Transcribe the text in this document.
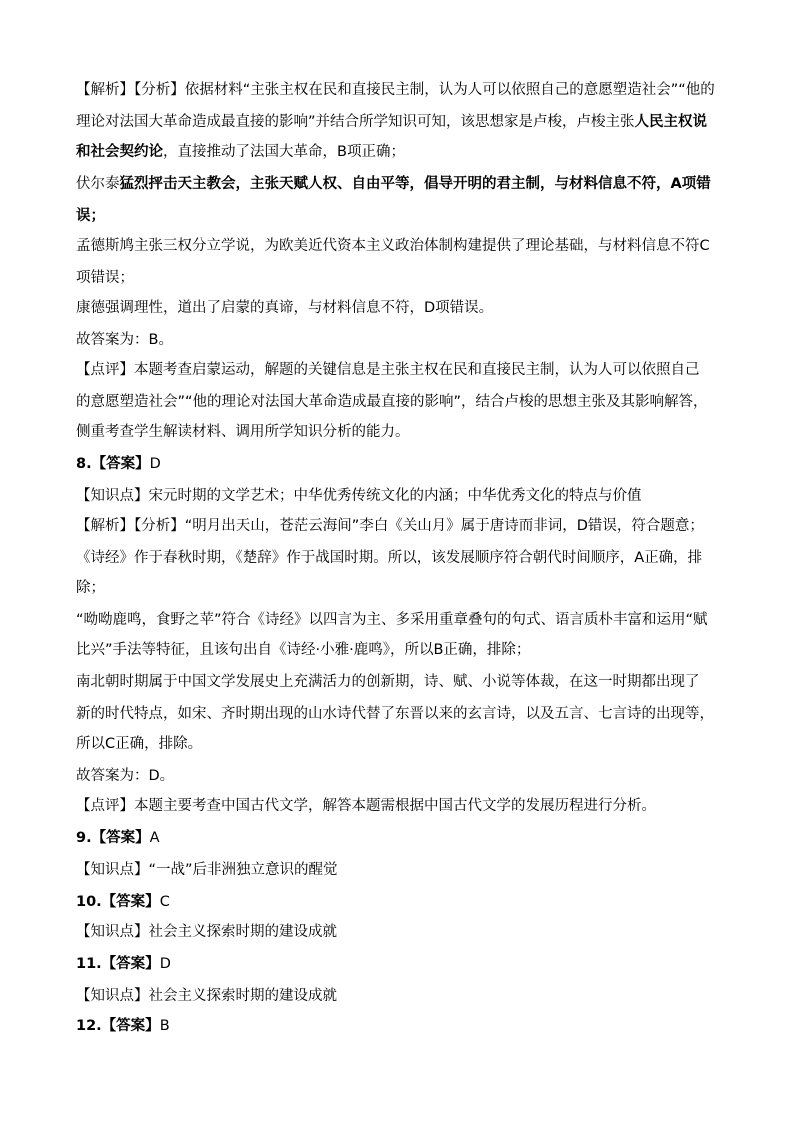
【解析】【分析】依据材料“主张主权在民和直接民主制，认为人可以依照自己的意愿塑造社会”“他的
理论对法国大革命造成最直接的影响”并结合所学知识可知，该思想家是卢梭，卢梭主张人民主权说
和社会契约论，直接推动了法国大革命，B项正确；
伏尔泰猛烈抨击天主教会，主张天赋人权、自由平等，倡导开明的君主制，与材料信息不符，A项错
误；
孟德斯鸠主张三权分立学说，为欧美近代资本主义政治体制构建提供了理论基础，与材料信息不符C
项错误；
康德强调理性，道出了启蒙的真谛，与材料信息不符，D项错误。
故答案为：B。
【点评】本题考查启蒙运动，解题的关键信息是主张主权在民和直接民主制，认为人可以依照自己
的意愿塑造社会”“他的理论对法国大革命造成最直接的影响”，结合卢梭的思想主张及其影响解答，
侧重考查学生解读材料、调用所学知识分析的能力。
8.【答案】D
【知识点】宋元时期的文学艺术；中华优秀传统文化的内涵；中华优秀文化的特点与价值
【解析】【分析】“明月出天山，苍茫云海间”李白《关山月》属于唐诗而非词，D错误，符合题意；
《诗经》作于春秋时期，《楚辞》作于战国时期。所以，该发展顺序符合朝代时间顺序，A正确，排
除；
“呦呦鹿鸣，食野之苹”符合《诗经》以四言为主、多采用重章叠句的句式、语言质朴丰富和运用“赋
比兴”手法等特征，且该句出自《诗经·小雅·鹿鸣》，所以B正确，排除；
南北朝时期属于中国文学发展史上充满活力的创新期，诗、赋、小说等体裁，在这一时期都出现了
新的时代特点，如宋、齐时期出现的山水诗代替了东晋以来的玄言诗，以及五言、七言诗的出现等，
所以C正确，排除。
故答案为：D。
【点评】本题主要考查中国古代文学，解答本题需根据中国古代文学的发展历程进行分析。
9.【答案】A
【知识点】“一战”后非洲独立意识的醒觉
10.【答案】C
【知识点】社会主义探索时期的建设成就
11.【答案】D
【知识点】社会主义探索时期的建设成就
12.【答案】B
